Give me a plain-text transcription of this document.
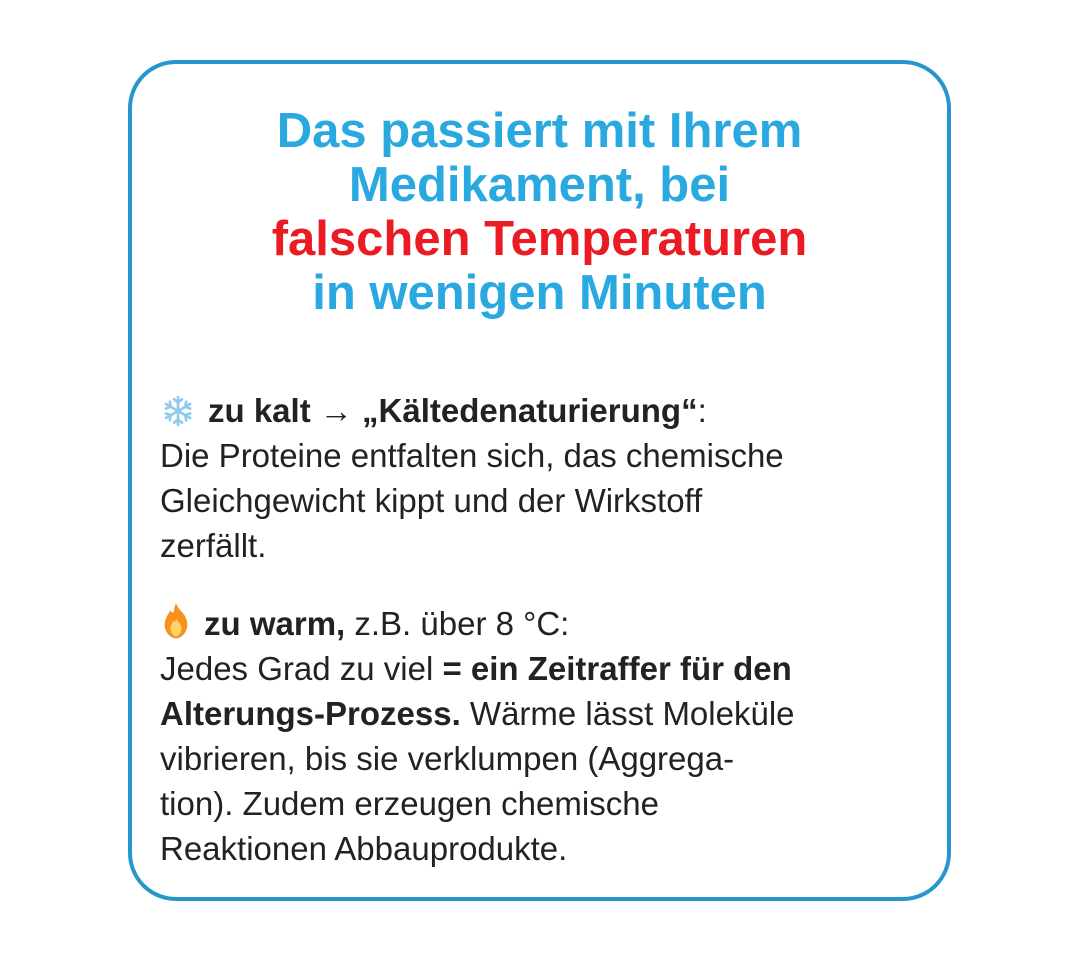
Das passiert mit Ihrem
Medikament, bei
falschen Temperaturen
in wenigen Minuten

zu kalt → „Kältedenaturierung“:

Die Proteine entfalten sich, das chemische
Gleichgewicht kippt und der Wirkstoff
zerfällt.

zu warm, z.B. über 8 °C:

Jedes Grad zu viel = ein Zeitraffer für den
Alterungs-Prozess. Wärme lässt Moleküle
vibrieren, bis sie verklumpen (Aggrega-
tion). Zudem erzeugen chemische
Reaktionen Abbauprodukte.
